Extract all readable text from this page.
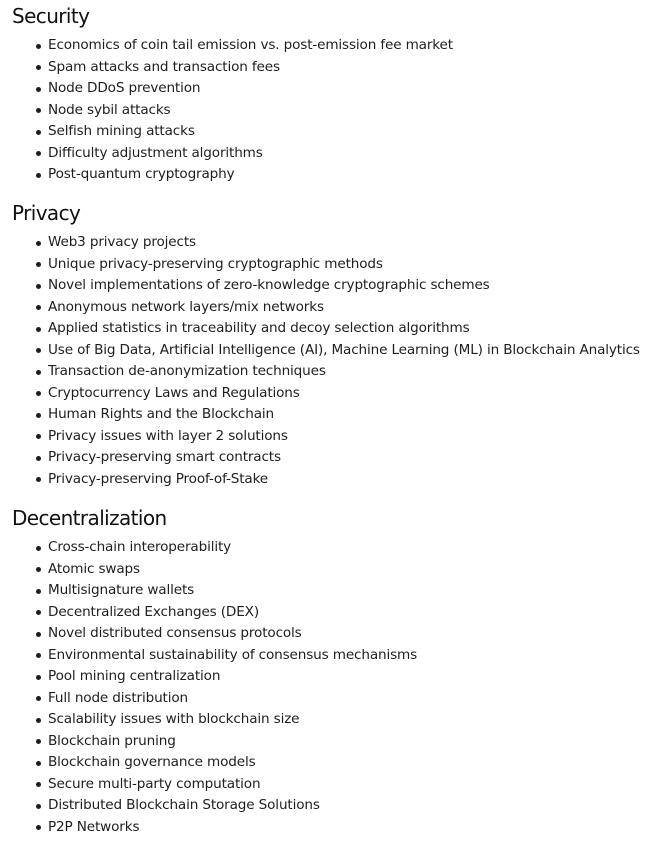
Security
Economics of coin tail emission vs. post-emission fee market
Spam attacks and transaction fees
Node DDoS prevention
Node sybil attacks
Selfish mining attacks
Difficulty adjustment algorithms
Post-quantum cryptography
Privacy
Web3 privacy projects
Unique privacy-preserving cryptographic methods
Novel implementations of zero-knowledge cryptographic schemes
Anonymous network layers/mix networks
Applied statistics in traceability and decoy selection algorithms
Use of Big Data, Artificial Intelligence (AI), Machine Learning (ML) in Blockchain Analytics
Transaction de-anonymization techniques
Cryptocurrency Laws and Regulations
Human Rights and the Blockchain
Privacy issues with layer 2 solutions
Privacy-preserving smart contracts
Privacy-preserving Proof-of-Stake
Decentralization
Cross-chain interoperability
Atomic swaps
Multisignature wallets
Decentralized Exchanges (DEX)
Novel distributed consensus protocols
Environmental sustainability of consensus mechanisms
Pool mining centralization
Full node distribution
Scalability issues with blockchain size
Blockchain pruning
Blockchain governance models
Secure multi-party computation
Distributed Blockchain Storage Solutions
P2P Networks
